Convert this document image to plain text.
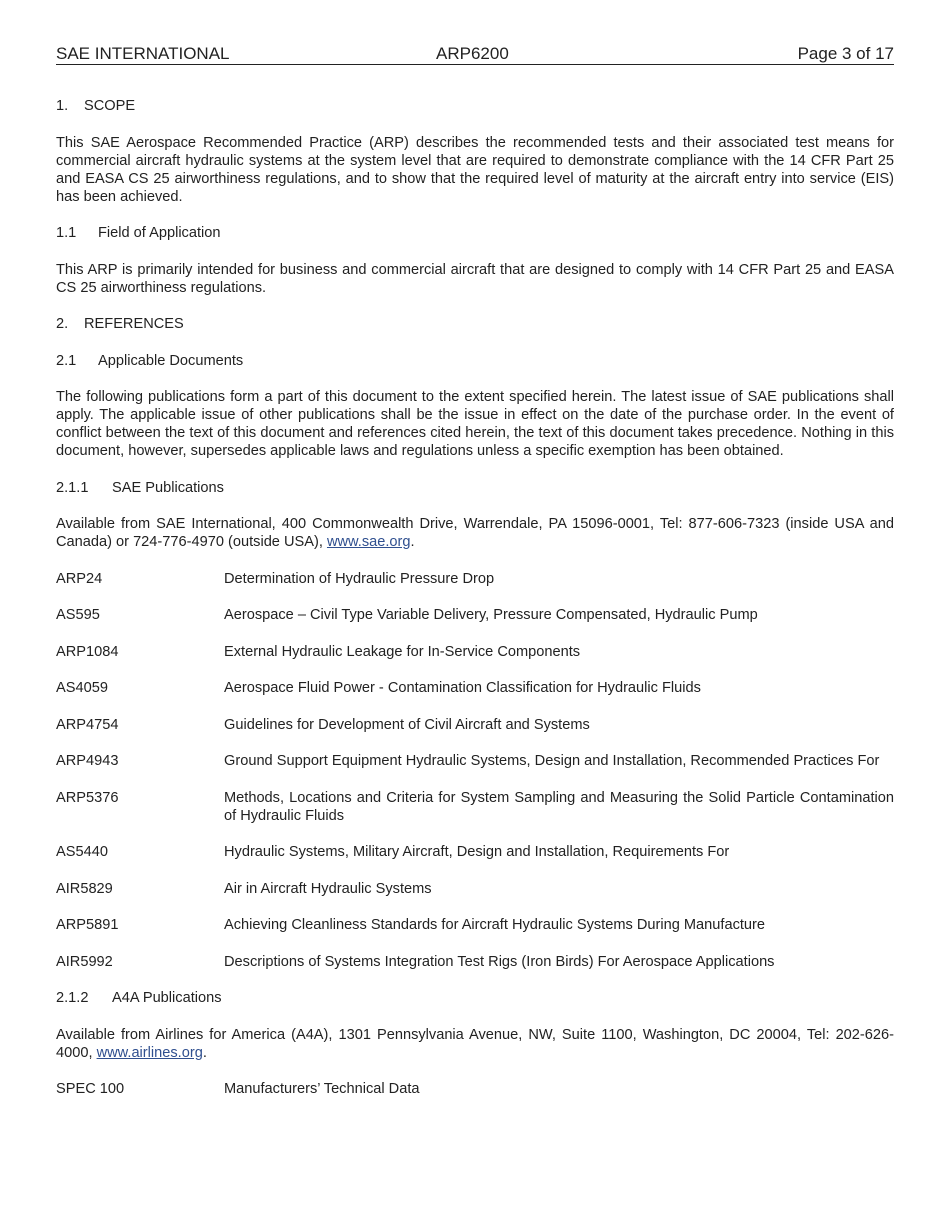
SAE INTERNATIONAL	ARP6200	Page 3 of 17
1. SCOPE

This SAE Aerospace Recommended Practice (ARP) describes the recommended tests and their associated test means for commercial aircraft hydraulic systems at the system level that are required to demonstrate compliance with the 14 CFR Part 25 and EASA CS 25 airworthiness regulations, and to show that the required level of maturity at the aircraft entry into service (EIS) has been achieved.

1.1 Field of Application

This ARP is primarily intended for business and commercial aircraft that are designed to comply with 14 CFR Part 25 and EASA CS 25 airworthiness regulations.

2. REFERENCES
2.1 Applicable Documents

The following publications form a part of this document to the extent specified herein. The latest issue of SAE publications shall apply. The applicable issue of other publications shall be the issue in effect on the date of the purchase order. In the event of conflict between the text of this document and references cited herein, the text of this document takes precedence. Nothing in this document, however, supersedes applicable laws and regulations unless a specific exemption has been obtained.

2.1.1 SAE Publications

Available from SAE International, 400 Commonwealth Drive, Warrendale, PA 15096-0001, Tel: 877-606-7323 (inside USA and Canada) or 724-776-4970 (outside USA), www.sae.org.

ARP24	Determination of Hydraulic Pressure Drop
AS595	Aerospace – Civil Type Variable Delivery, Pressure Compensated, Hydraulic Pump
ARP1084	External Hydraulic Leakage for In-Service Components
AS4059	Aerospace Fluid Power - Contamination Classification for Hydraulic Fluids
ARP4754	Guidelines for Development of Civil Aircraft and Systems
ARP4943	Ground Support Equipment Hydraulic Systems, Design and Installation, Recommended Practices For
ARP5376	Methods, Locations and Criteria for System Sampling and Measuring the Solid Particle Contamination of Hydraulic Fluids
AS5440	Hydraulic Systems, Military Aircraft, Design and Installation, Requirements For
AIR5829	Air in Aircraft Hydraulic Systems
ARP5891	Achieving Cleanliness Standards for Aircraft Hydraulic Systems During Manufacture
AIR5992	Descriptions of Systems Integration Test Rigs (Iron Birds) For Aerospace Applications
2.1.2 A4A Publications

Available from Airlines for America (A4A), 1301 Pennsylvania Avenue, NW, Suite 1100, Washington, DC 20004, Tel: 202-626-4000, www.airlines.org.

SPEC 100	Manufacturers’ Technical Data
